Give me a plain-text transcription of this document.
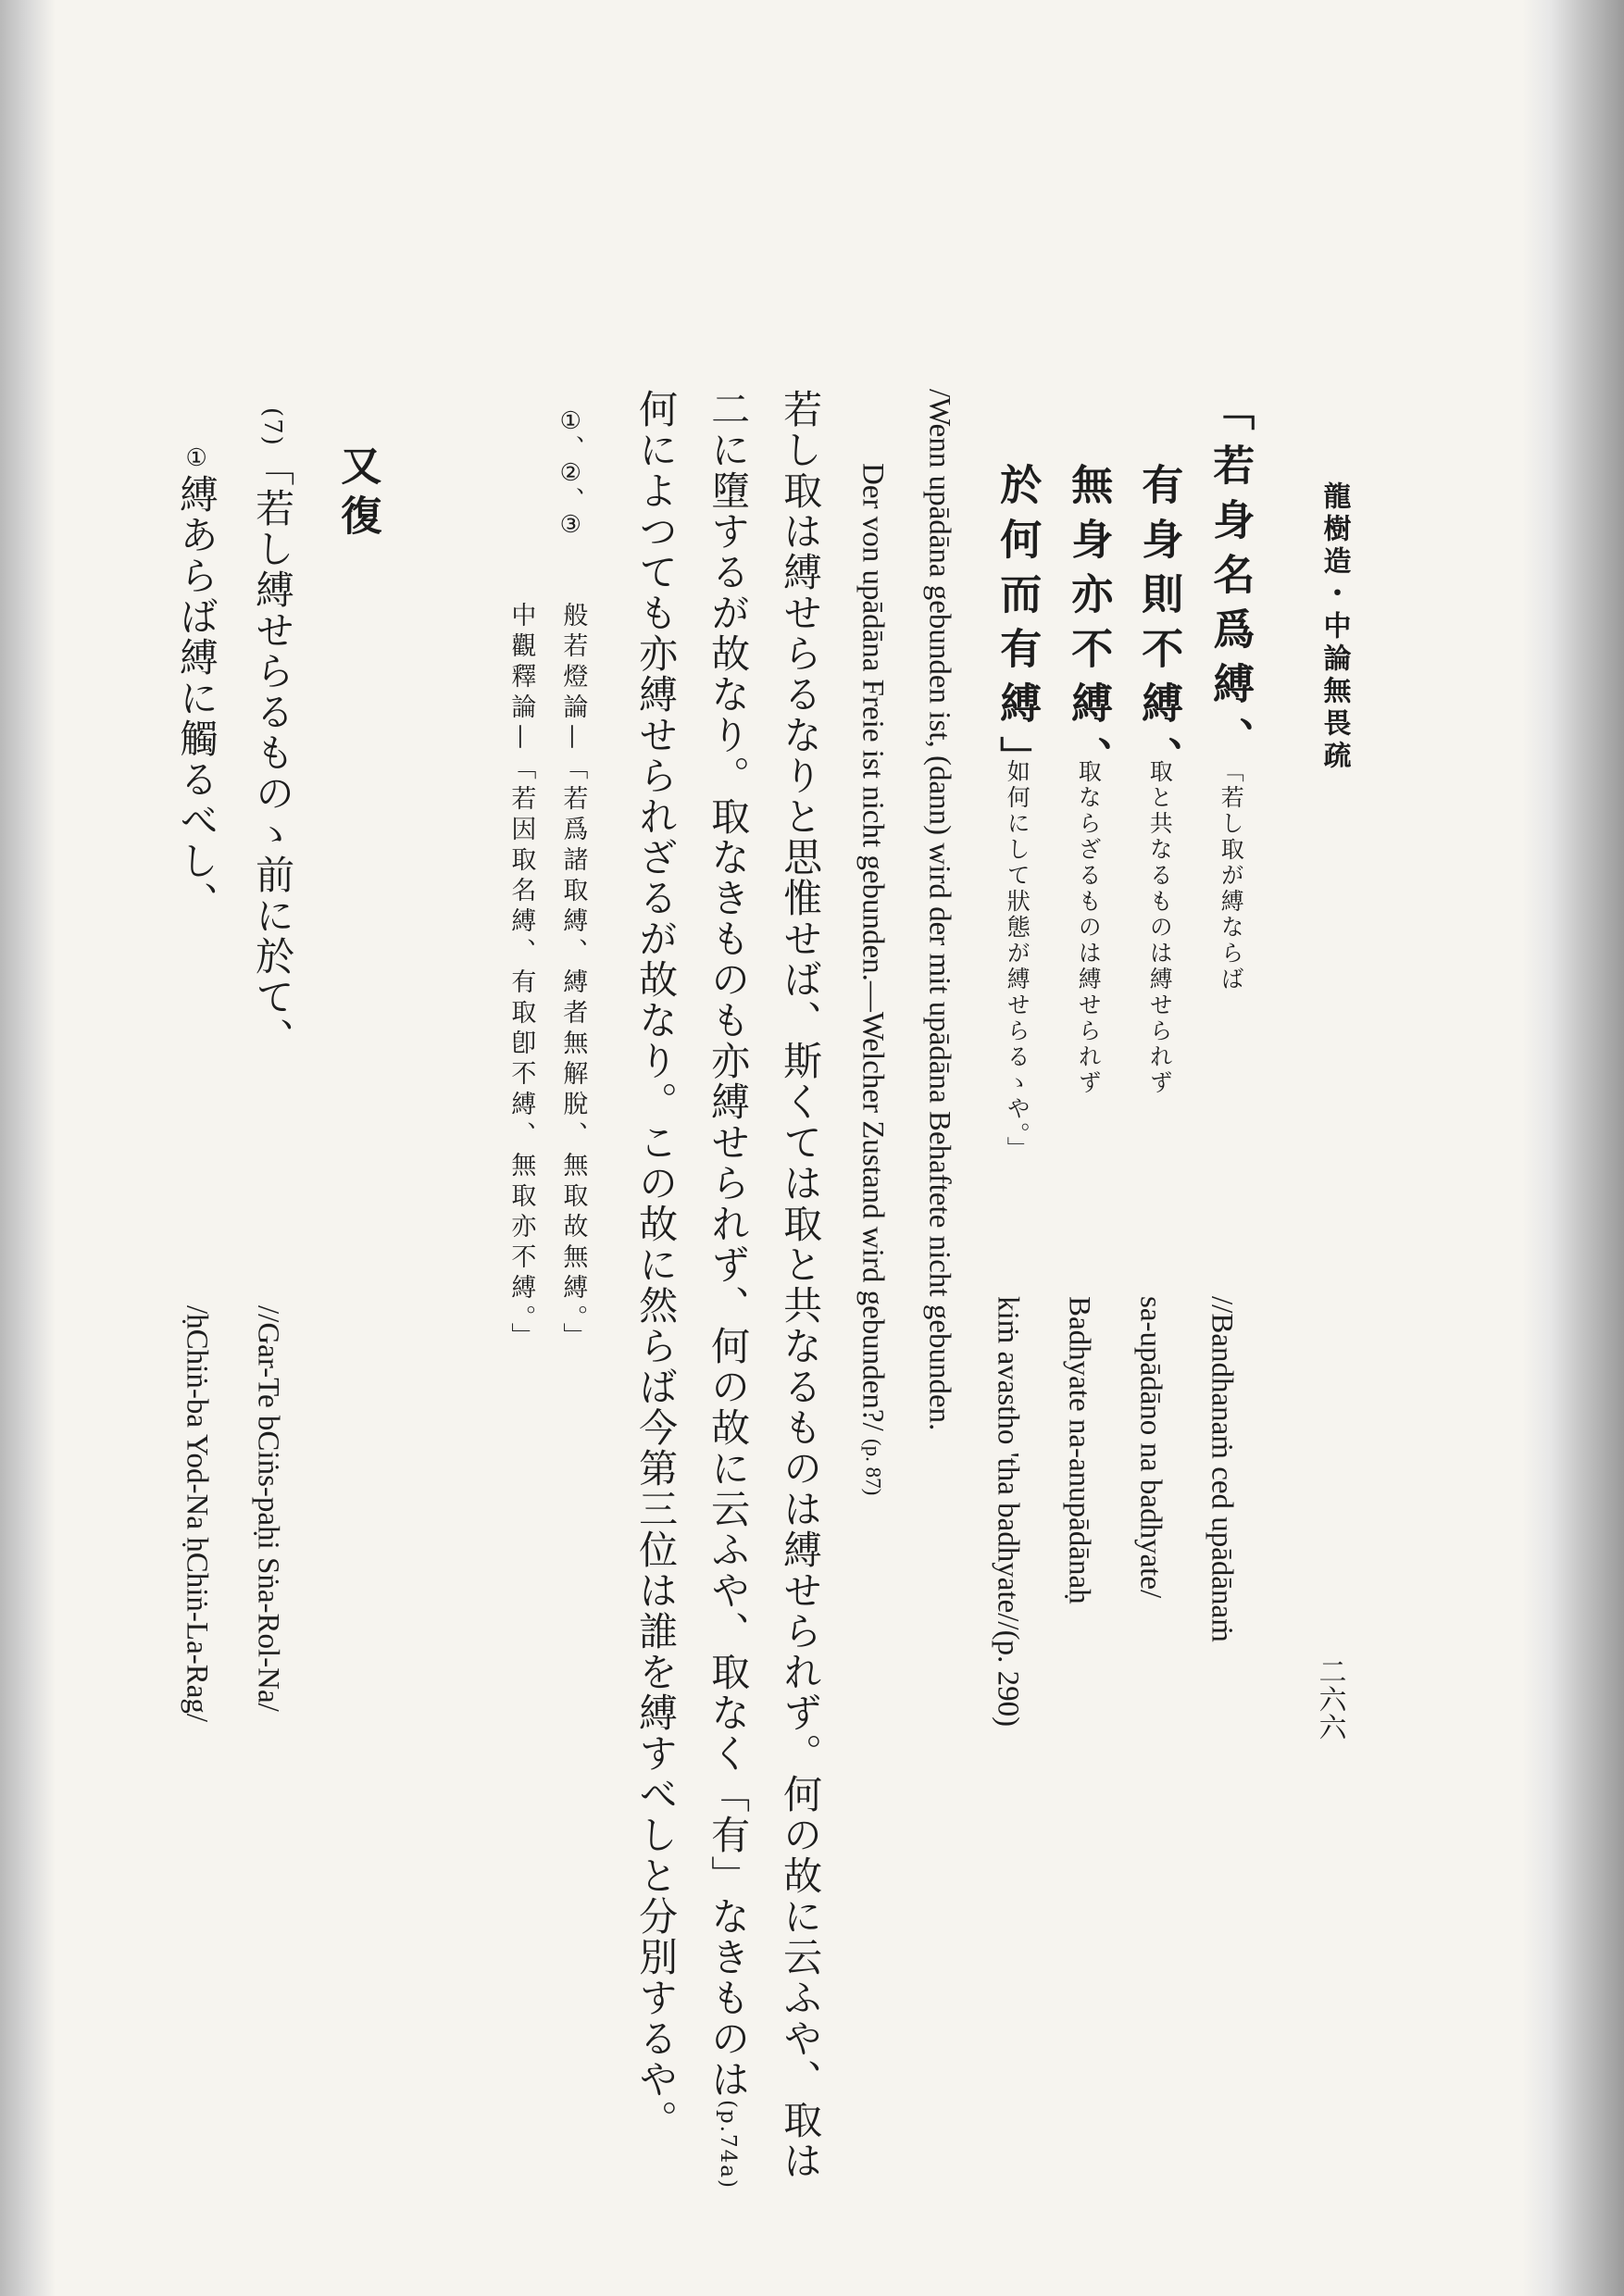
龍樹造・中論無畏疏
二六六
「若身名爲縛、
有身則不縛、
無身亦不縛、
於何而有縛」
「若し取が縛ならば
取と共なるものは縛せられず
取ならざるものは縛せられず
如何にして狀態が縛せらるゝや。」
//Bandhanaṁ ced upādānaṁ
sa-upādāno na badhyate/
Badhyate na-anupādānaḥ
kiṁ avastho 'tha badhyate//(p. 290)
/Wenn upādāna gebunden ist, (dann) wird der mit upādāna Behaftete nicht gebunden.
Der von upādāna Freie ist nicht gebunden.—Welcher Zustand wird gebunden?/ (p. 87)
若し取は縛せらるなりと思惟せば、斯くては取と共なるものは縛せられず。何の故に云ふや、取は
二に墮するが故なり。取なきものも亦縛せられず、何の故に云ふや、取なく「有」なきものは(p.74a)
何によつても亦縛せられざるが故なり。この故に然らば今第三位は誰を縛すべしと分別するや。
①、②、③
般若燈論—「若爲諸取縛、縛者無解脫、無取故無縛。」
中觀釋論—「若因取名縛、有取卽不縛、無取亦不縛。」
又復
(7)「若し縛せらるものゝ前に於て、
①縛あらば縛に觸るべし、
//Gar-Te bCiṅs-paḥi Sṅa-Rol-Na/
/ḥChiṅ-ba Yod-Na ḥChiṅ-La-Rag/
